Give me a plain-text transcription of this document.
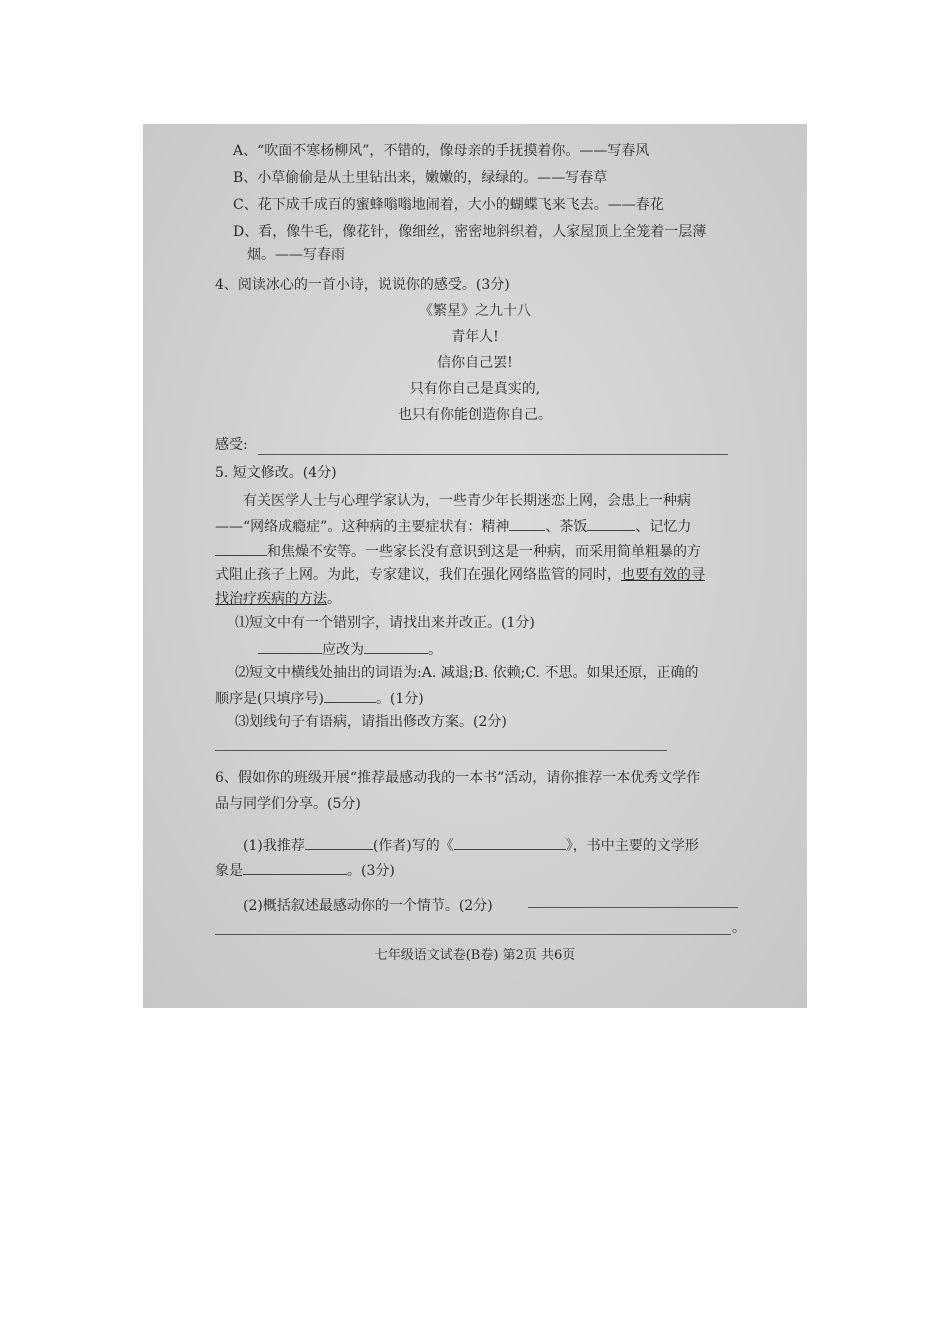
A、“吹面不寒杨柳风”，不错的，像母亲的手抚摸着你。——写春风
B、小草偷偷是从土里钻出来，嫩嫩的，绿绿的。——写春草
C、花下成千成百的蜜蜂嗡嗡地闹着，大小的蝴蝶飞来飞去。——春花
D、看，像牛毛，像花针，像细丝，密密地斜织着，人家屋顶上全笼着一层薄
烟。——写春雨
4、阅读冰心的一首小诗，说说你的感受。(3分)
《繁星》之九十八
青年人!
信你自己罢!
只有你自己是真实的,
也只有你能创造你自己。
感受:
5. 短文修改。(4分)
有关医学人士与心理学家认为，一些青少年长期迷恋上网，会患上一种病
——“网络成瘾症”。这种病的主要症状有：精神	、茶饭	、记忆力
和焦燥不安等。一些家长没有意识到这是一种病，而采用简单粗暴的方
式阻止孩子上网。为此，专家建议，我们在强化网络监管的同时，也要有效的寻
找治疗疾病的方法。
⑴短文中有一个错别字，请找出来并改正。(1分)
应改为	。
⑵短文中横线处抽出的词语为:A. 减退;B. 依赖;C. 不思。如果还原，正确的
顺序是(只填序号)	。(1分)
⑶划线句子有语病，请指出修改方案。(2分)
6、假如你的班级开展“推荐最感动我的一本书”活动，请你推荐一本优秀文学作
品与同学们分享。(5分)
(1)我推荐	(作者)写的《	》，书中主要的文学形
象是	。(3分)
(2)概括叙述最感动你的一个情节。(2分)
。
七年级语文试卷(B卷) 第2页 共6页
